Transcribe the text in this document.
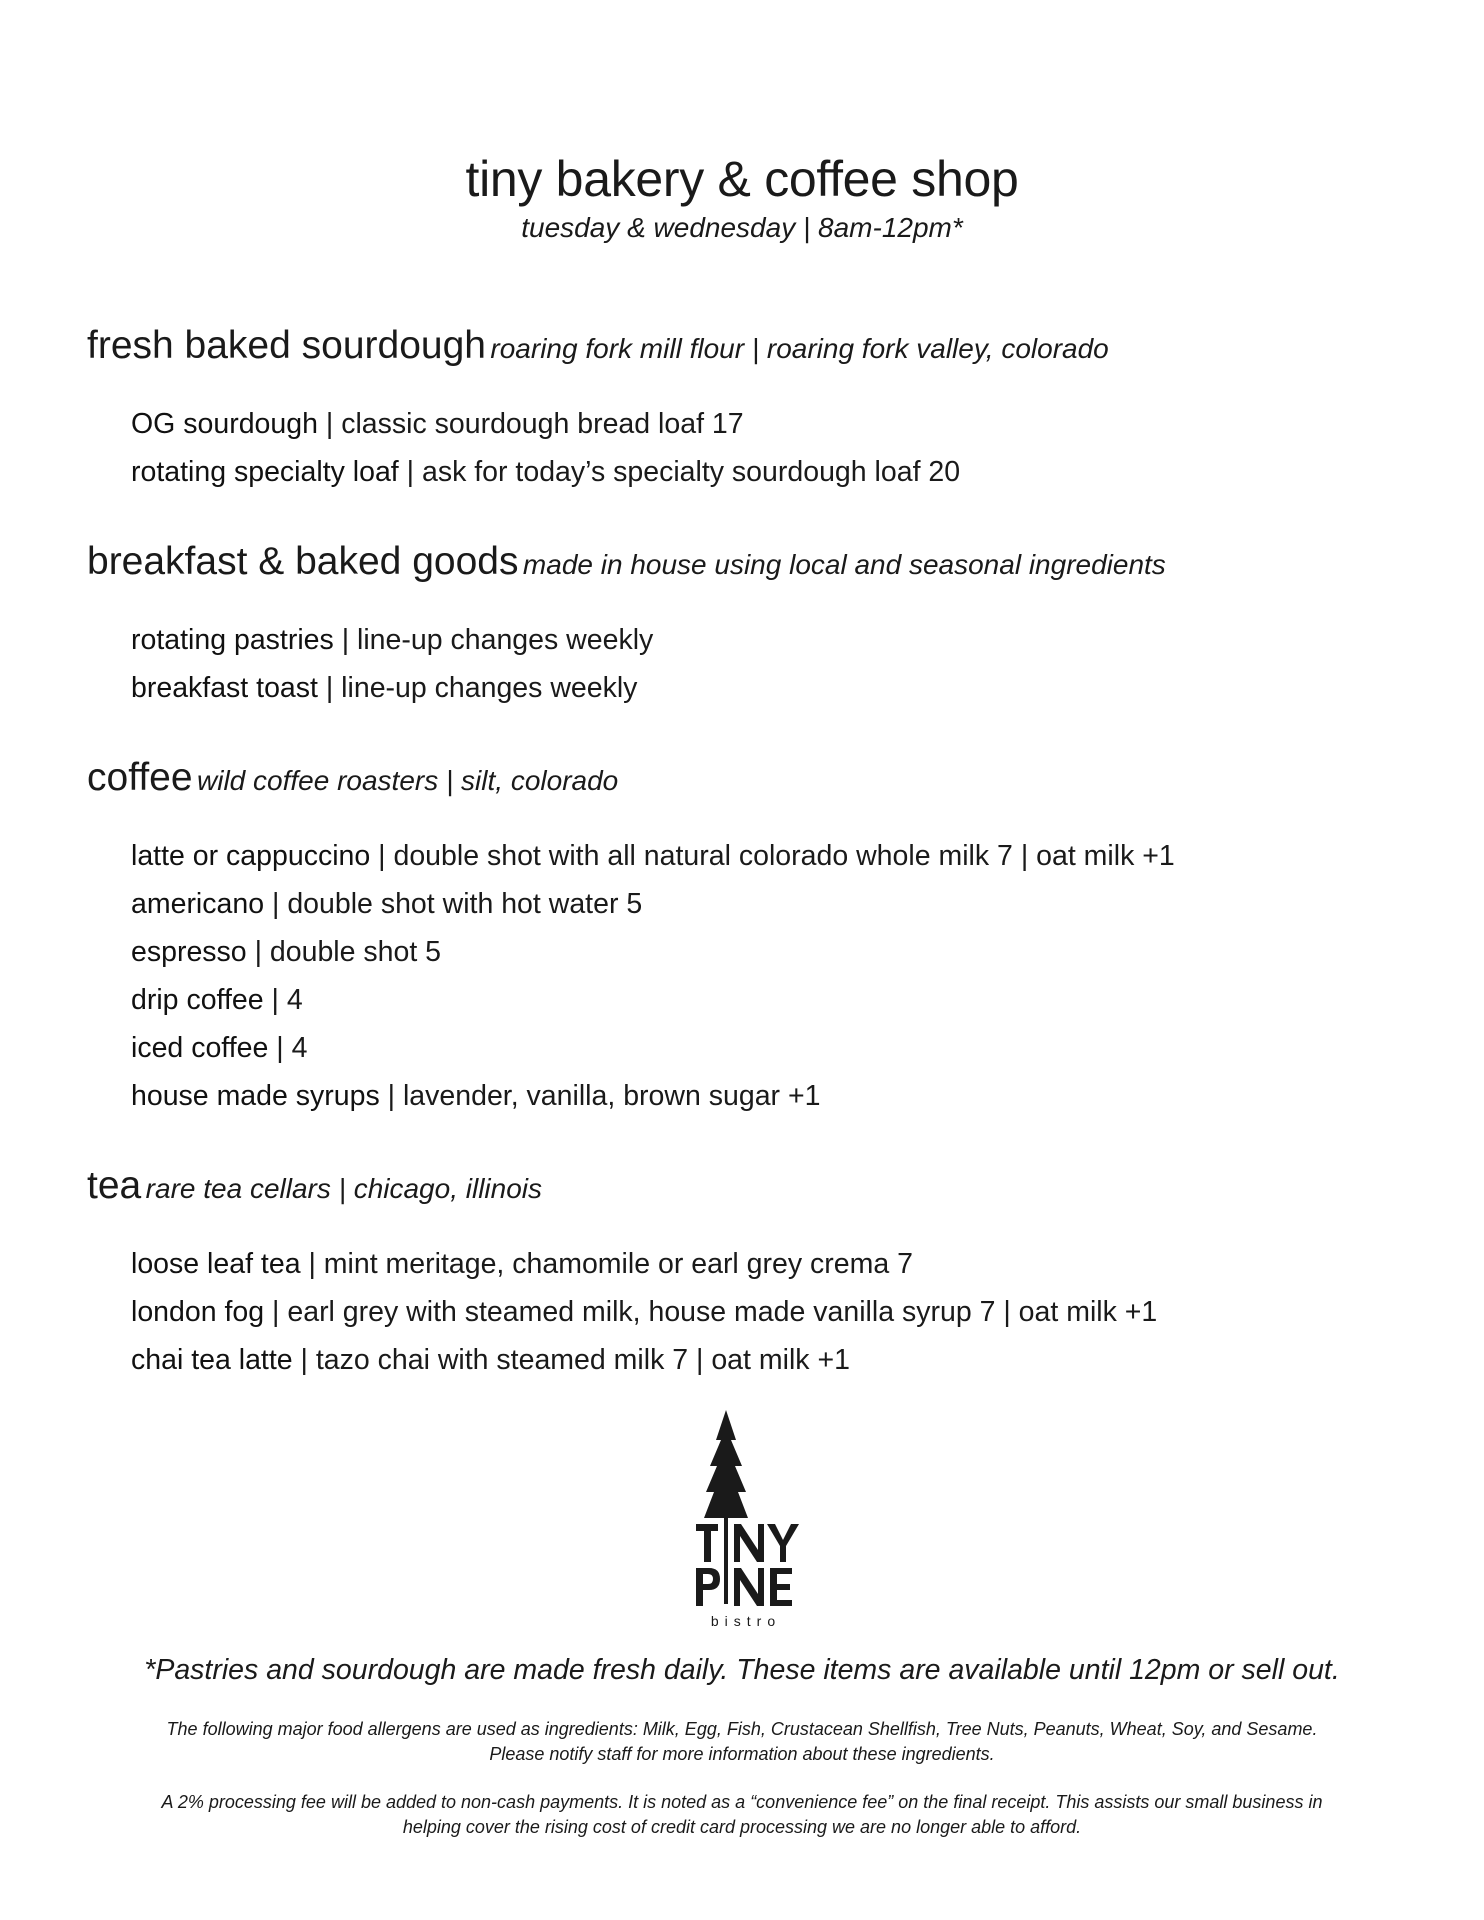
tiny bakery & coffee shop
tuesday & wednesday | 8am-12pm*
fresh baked sourdough roaring fork mill flour | roaring fork valley, colorado
OG sourdough | classic sourdough bread loaf 17
rotating specialty loaf | ask for today’s specialty sourdough loaf 20
breakfast & baked goods made in house using local and seasonal ingredients
rotating pastries | line-up changes weekly
breakfast toast | line-up changes weekly
coffee wild coffee roasters | silt, colorado
latte or cappuccino | double shot with all natural colorado whole milk 7 | oat milk +1
americano | double shot with hot water 5
espresso | double shot 5
drip coffee | 4
iced coffee | 4
house made syrups | lavender, vanilla, brown sugar +1
tea rare tea cellars | chicago, illinois
loose leaf tea | mint meritage, chamomile or earl grey crema 7
london fog | earl grey with steamed milk, house made vanilla syrup 7 | oat milk +1
chai tea latte | tazo chai with steamed milk 7 | oat milk +1
bistro
*Pastries and sourdough are made fresh daily. These items are available until 12pm or sell out.
The following major food allergens are used as ingredients: Milk, Egg, Fish, Crustacean Shellfish, Tree Nuts, Peanuts, Wheat, Soy, and Sesame. Please notify staff for more information about these ingredients.
A 2% processing fee will be added to non-cash payments. It is noted as a “convenience fee” on the final receipt. This assists our small business in helping cover the rising cost of credit card processing we are no longer able to afford.
